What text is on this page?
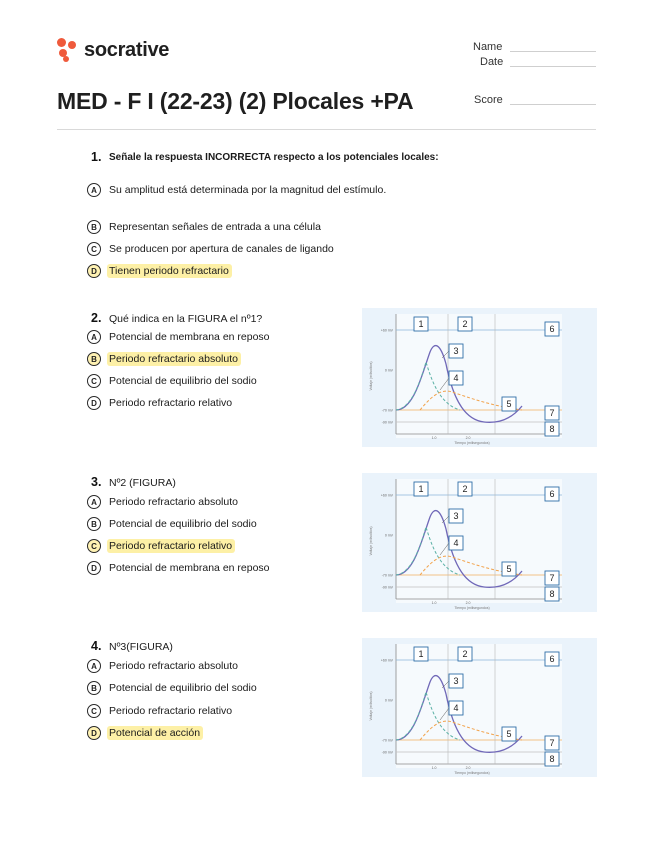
socrative	Name
Date
Score
MED - F I (22-23) (2) Plocales +PA
1. Señale la respuesta INCORRECTA respecto a los potenciales locales:
A	Su amplitud está determinada por la magnitud del estímulo.
B	Representan señales de entrada a una célula
C	Se producen por apertura de canales de ligando
D	Tienen periodo refractario
2. Qué indica en la FIGURA el nº1?
A	Potencial de membrana en reposo
B	Periodo refractario absoluto
C	Potencial de equilibrio del sodio
D	Periodo refractario relativo
Voltaje (milivoltios)
Tiempo (milisegundos)
+60 mV
0 mV
-70 mV
-90 mV
1.0	2.0
1	2
3
4
5
6
7
8
3. Nº2 (FIGURA)
A	Periodo refractario absoluto
B	Potencial de equilibrio del sodio
C	Periodo refractario relativo
D	Potencial de membrana en reposo
Voltaje (milivoltios)
Tiempo (milisegundos)
+60 mV
0 mV
-70 mV
-90 mV
1.0	2.0
1	2
3
4
5
6
7
8
4. Nº3(FIGURA)
A	Periodo refractario absoluto
B	Potencial de equilibrio del sodio
C	Periodo refractario relativo
D	Potencial de acción
Voltaje (milivoltios)
Tiempo (milisegundos)
+60 mV
0 mV
-70 mV
-90 mV
1.0	2.0
1	2
3
4
5
6
7
8
